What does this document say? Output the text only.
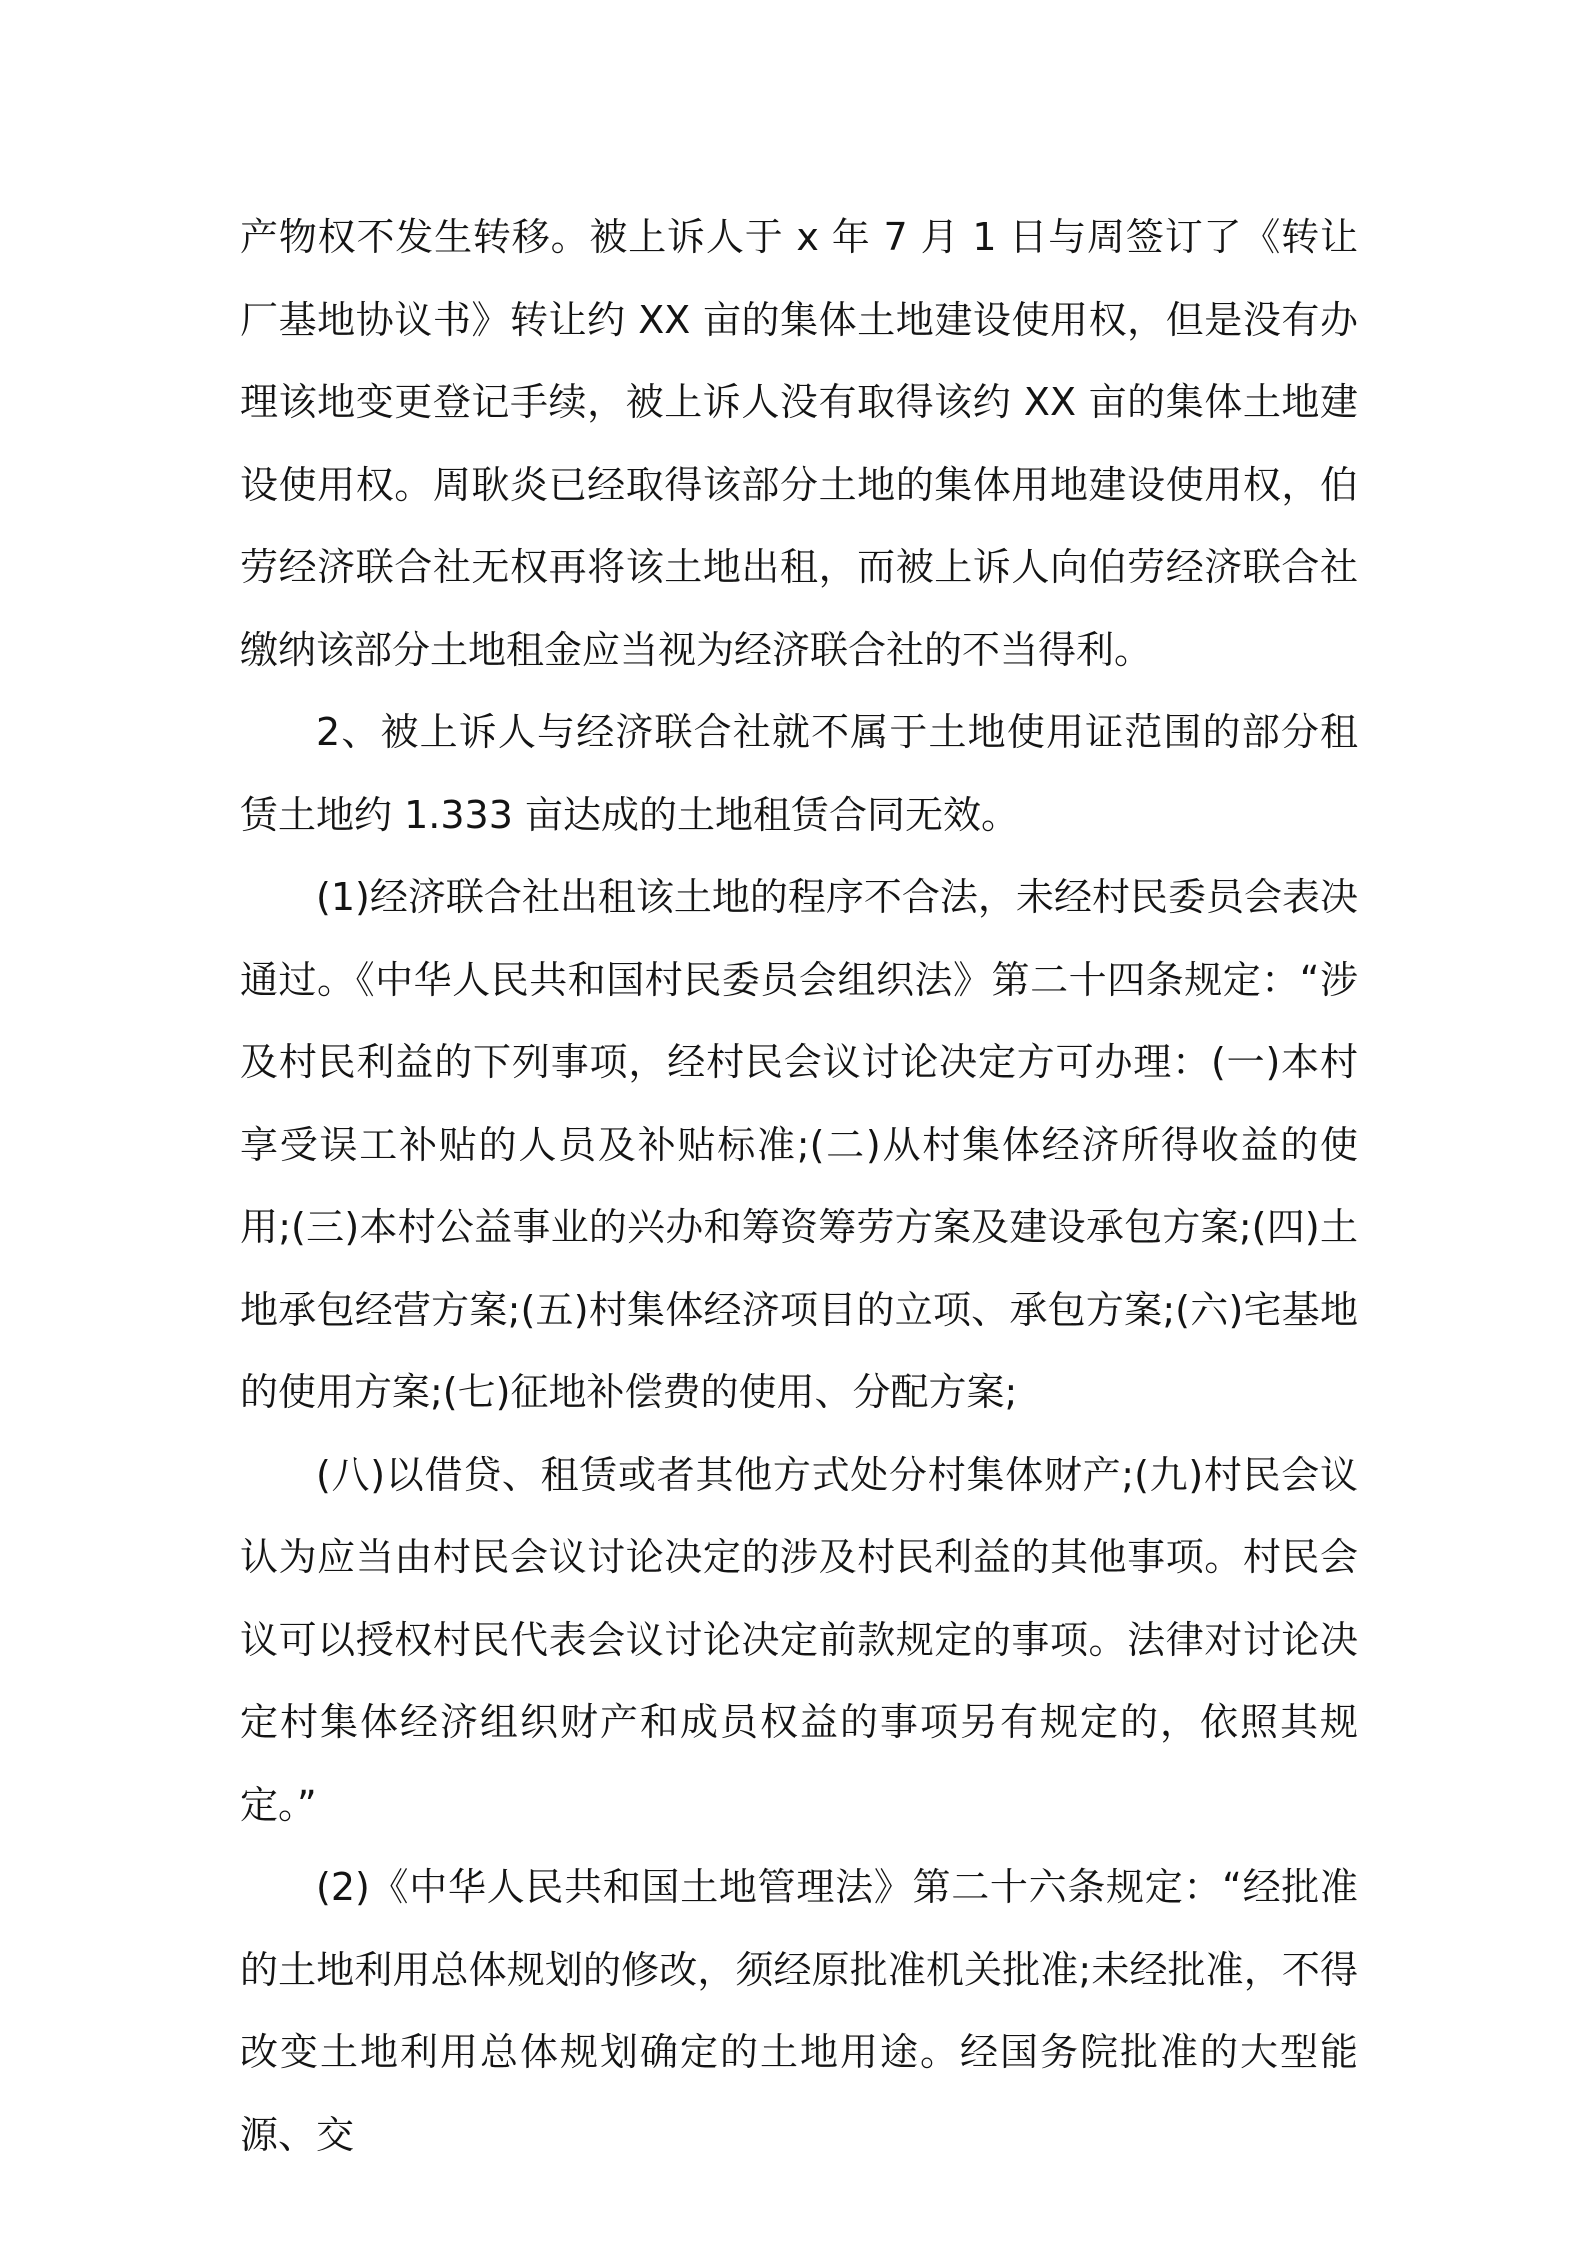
产物权不发生转移。被上诉人于 x 年 7 月 1 日与周签订了《转让厂基地协议书》转让约 XX 亩的集体土地建设使用权，但是没有办理该地变更登记手续，被上诉人没有取得该约 XX 亩的集体土地建设使用权。周耿炎已经取得该部分土地的集体用地建设使用权，伯劳经济联合社无权再将该土地出租，而被上诉人向伯劳经济联合社缴纳该部分土地租金应当视为经济联合社的不当得利。

2、被上诉人与经济联合社就不属于土地使用证范围的部分租赁土地约 1.333 亩达成的土地租赁合同无效。

(1)经济联合社出租该土地的程序不合法，未经村民委员会表决通过。《中华人民共和国村民委员会组织法》第二十四条规定：“涉及村民利益的下列事项，经村民会议讨论决定方可办理：(一)本村享受误工补贴的人员及补贴标准;(二)从村集体经济所得收益的使用;(三)本村公益事业的兴办和筹资筹劳方案及建设承包方案;(四)土地承包经营方案;(五)村集体经济项目的立项、承包方案;(六)宅基地的使用方案;(七)征地补偿费的使用、分配方案;

(八)以借贷、租赁或者其他方式处分村集体财产;(九)村民会议认为应当由村民会议讨论决定的涉及村民利益的其他事项。村民会议可以授权村民代表会议讨论决定前款规定的事项。法律对讨论决定村集体经济组织财产和成员权益的事项另有规定的，依照其规定。”

(2)《中华人民共和国土地管理法》第二十六条规定：“经批准的土地利用总体规划的修改，须经原批准机关批准;未经批准，不得改变土地利用总体规划确定的土地用途。经国务院批准的大型能源、交
